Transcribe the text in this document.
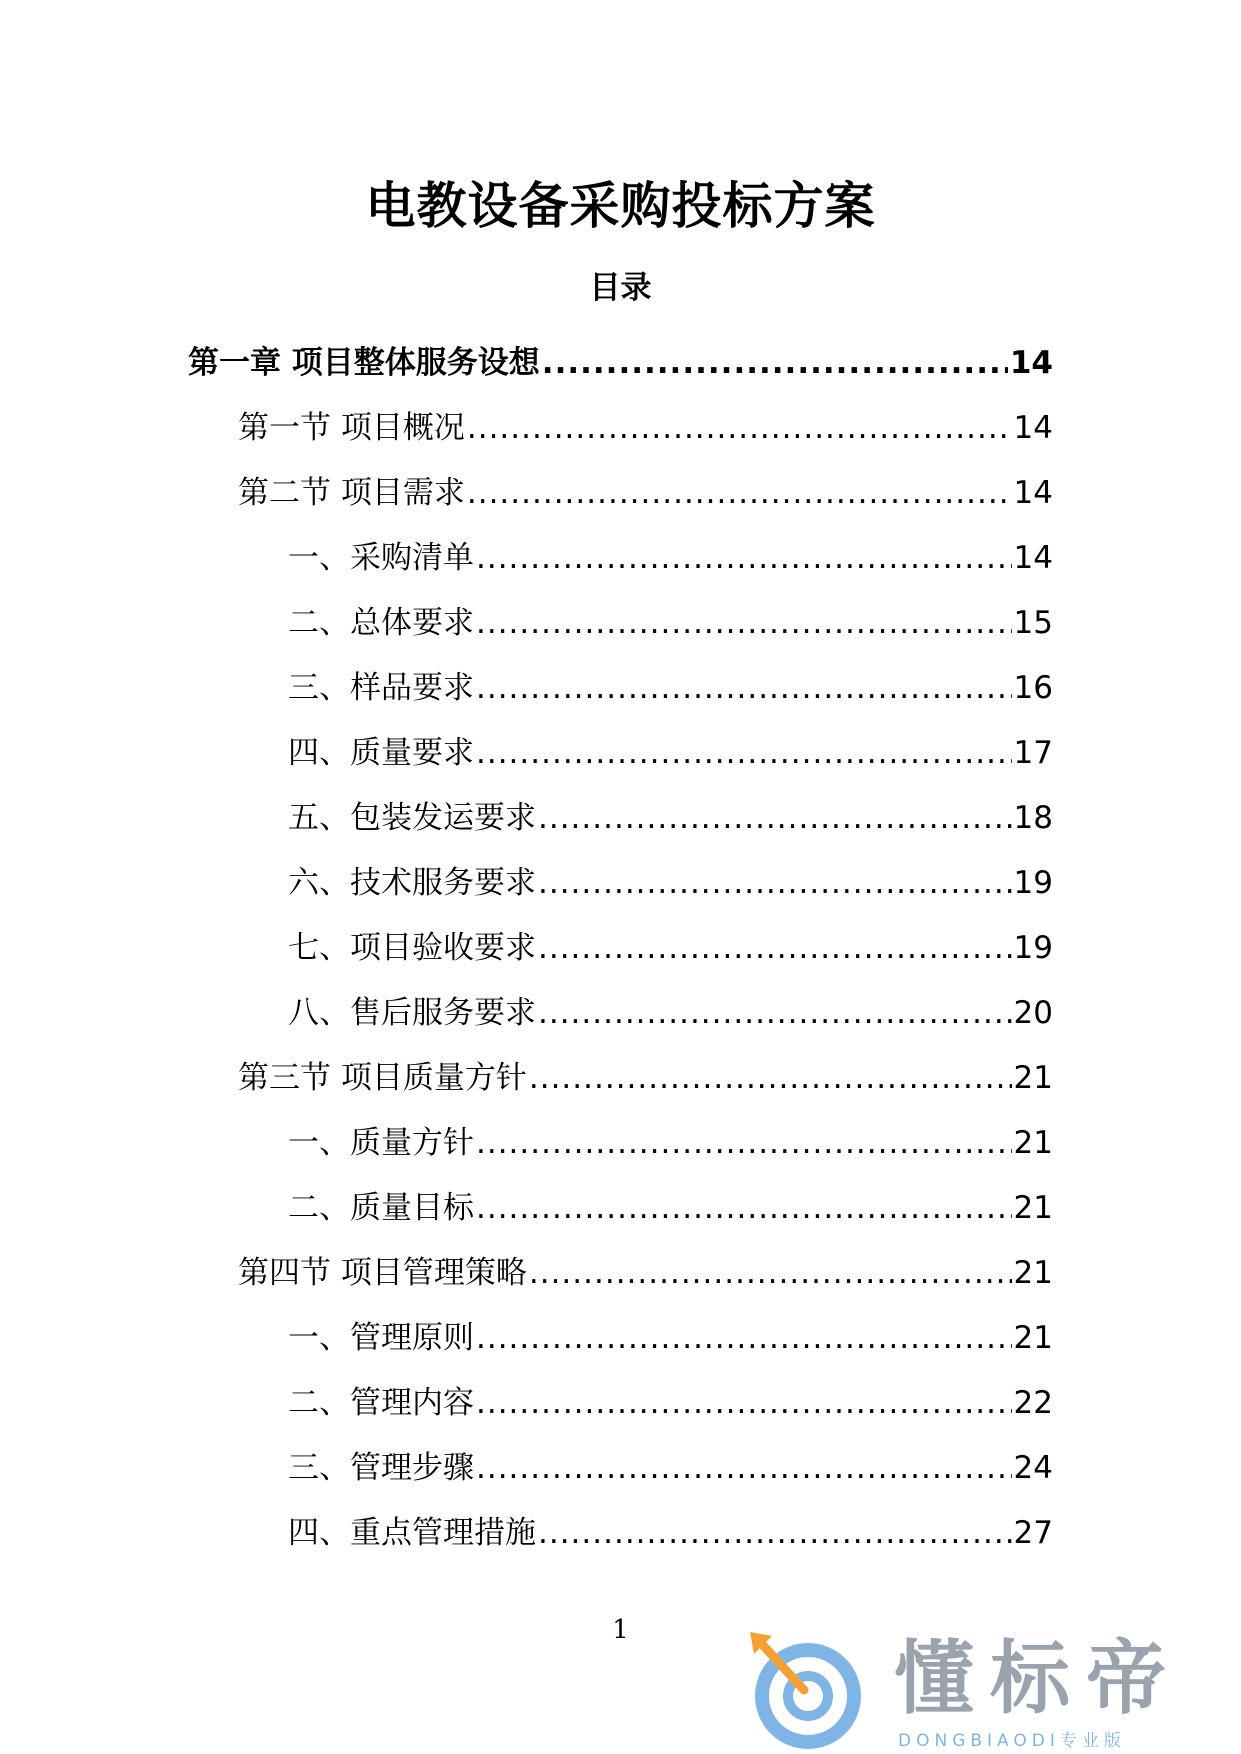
电教设备采购投标方案
目录
第一章 项目整体服务设想 .....	14
第一节 项目概况 .....	14
第二节 项目需求 .....	14
一、采购清单 .....	14
二、总体要求 .....	15
三、样品要求 .....	16
四、质量要求 .....	17
五、包装发运要求 .....	18
六、技术服务要求 .....	19
七、项目验收要求 .....	19
八、售后服务要求 .....	20
第三节 项目质量方针 .....	21
一、质量方针 .....	21
二、质量目标 .....	21
第四节 项目管理策略 .....	21
一、管理原则 .....	21
二、管理内容 .....	22
三、管理步骤 .....	24
四、重点管理措施 .....	27
1
懂标帝
DONGBIAODI专业版
